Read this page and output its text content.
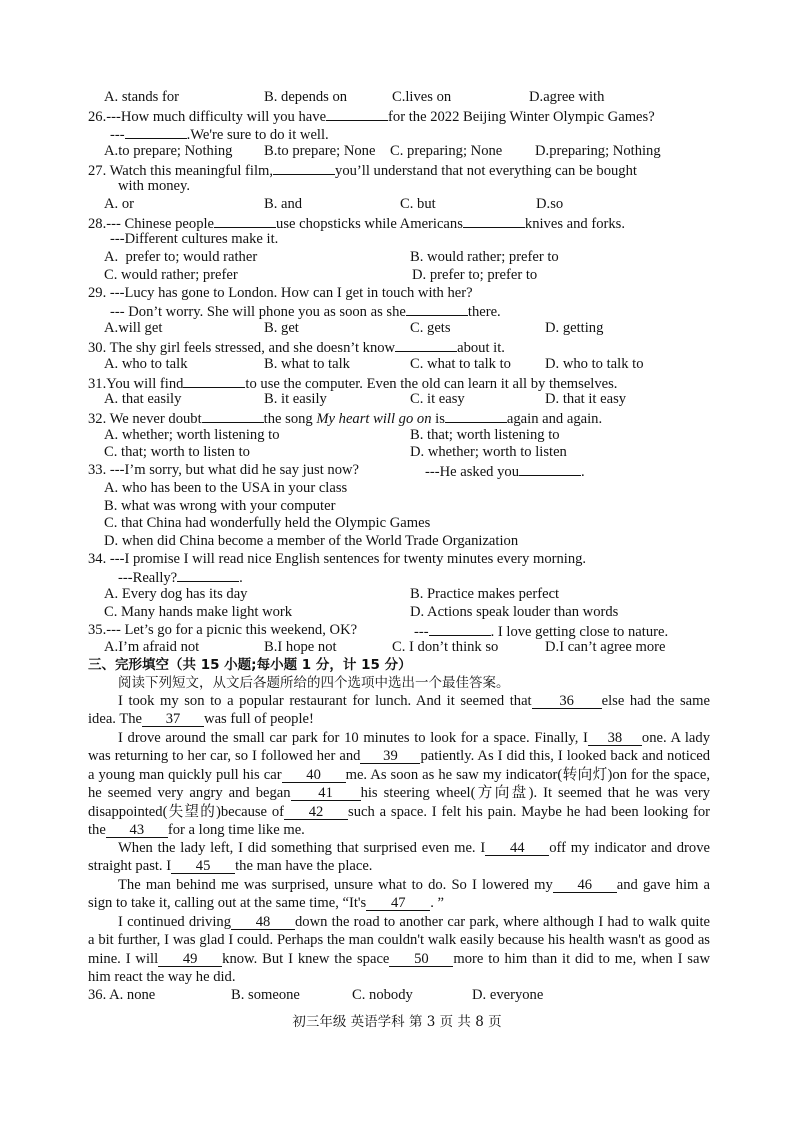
A. stands for	B. depends on	C.lives on	D.agree with
26.---How much difficulty will you have	for the 2022 Beijing Winter Olympic Games?
---	.We're sure to do it well.
A.to prepare; Nothing B.to prepare; None C. preparing; None D.preparing; Nothing
27. Watch this meaningful film,	you’ll understand that not everything can be bought
with money.
A. or	B. and	C. but	D.so
28.--- Chinese people	use chopsticks while Americans	knives and forks.
---Different cultures make it.
A.  prefer to; would rather	B. would rather; prefer to
C. would rather; prefer	D. prefer to; prefer to
29. ---Lucy has gone to London. How can I get in touch with her?
--- Don’t worry. She will phone you as soon as she	there.
A.will get	B. get	C. gets	D. getting
30. The shy girl feels stressed, and she doesn’t know	about it.
A. who to talk	B. what to talk	C. what to talk to D. who to talk to
31.You will find	to use the computer. Even the old can learn it all by themselves.
A. that easily	B. it easily	C. it easy	D. that it easy
32. We never doubt	the song My heart will go on is	again and again.
A. whether; worth listening to	B. that; worth listening to
C. that; worth to listen to	D. whether; worth to listen
33. ---I’m sorry, but what did he say just now?	---He asked you	.
A. who has been to the USA in your class
B. what was wrong with your computer
C. that China had wonderfully held the Olympic Games
D. when did China become a member of the World Trade Organization
34. ---I promise I will read nice English sentences for twenty minutes every morning.
---Really?	.
A. Every dog has its day	B. Practice makes perfect
C. Many hands make light work	D. Actions speak louder than words
35.--- Let’s go for a picnic this weekend, OK?	---	. I love getting close to nature.
A.I’m afraid not	B.I hope not	C. I don’t think so	D.I can’t agree more
三、完形填空（共 15 小题;每小题 1 分，计 15 分）
阅读下列短文，从文后各题所给的四个选项中选出一个最佳答案。
I took my son to a popular restaurant for lunch. And it seemed that 36 else had the same idea. The 37 was full of people!
I drove around the small car park for 10 minutes to look for a space. Finally, I 38 one. A lady was returning to her car, so I followed her and 39 patiently. As I did this, I looked back and noticed a young man quickly pull his car 40 me. As soon as he saw my indicator(转向灯)on for the space, he seemed very angry and began 41 his steering wheel(方向盘). It seemed that he was very disappointed(失望的)because of 42 such a space. I felt his pain. Maybe he had been looking for the 43 for a long time like me.
When the lady left, I did something that surprised even me. I 44 off my indicator and drove straight past. I 45 the man have the place.
The man behind me was surprised, unsure what to do. So I lowered my 46 and gave him a sign to take it, calling out at the same time, “It's 47 . ”
I continued driving 48 down the road to another car park, where although I had to walk quite a bit further, I was glad I could. Perhaps the man couldn't walk easily because his health wasn't as good as mine. I will 49 know. But I knew the space 50 more to him than it did to me, when I saw him react the way he did.
36. A. none	B. someone	C. nobody	D. everyone
初三年级 英语学科 第 3 页 共 8 页
